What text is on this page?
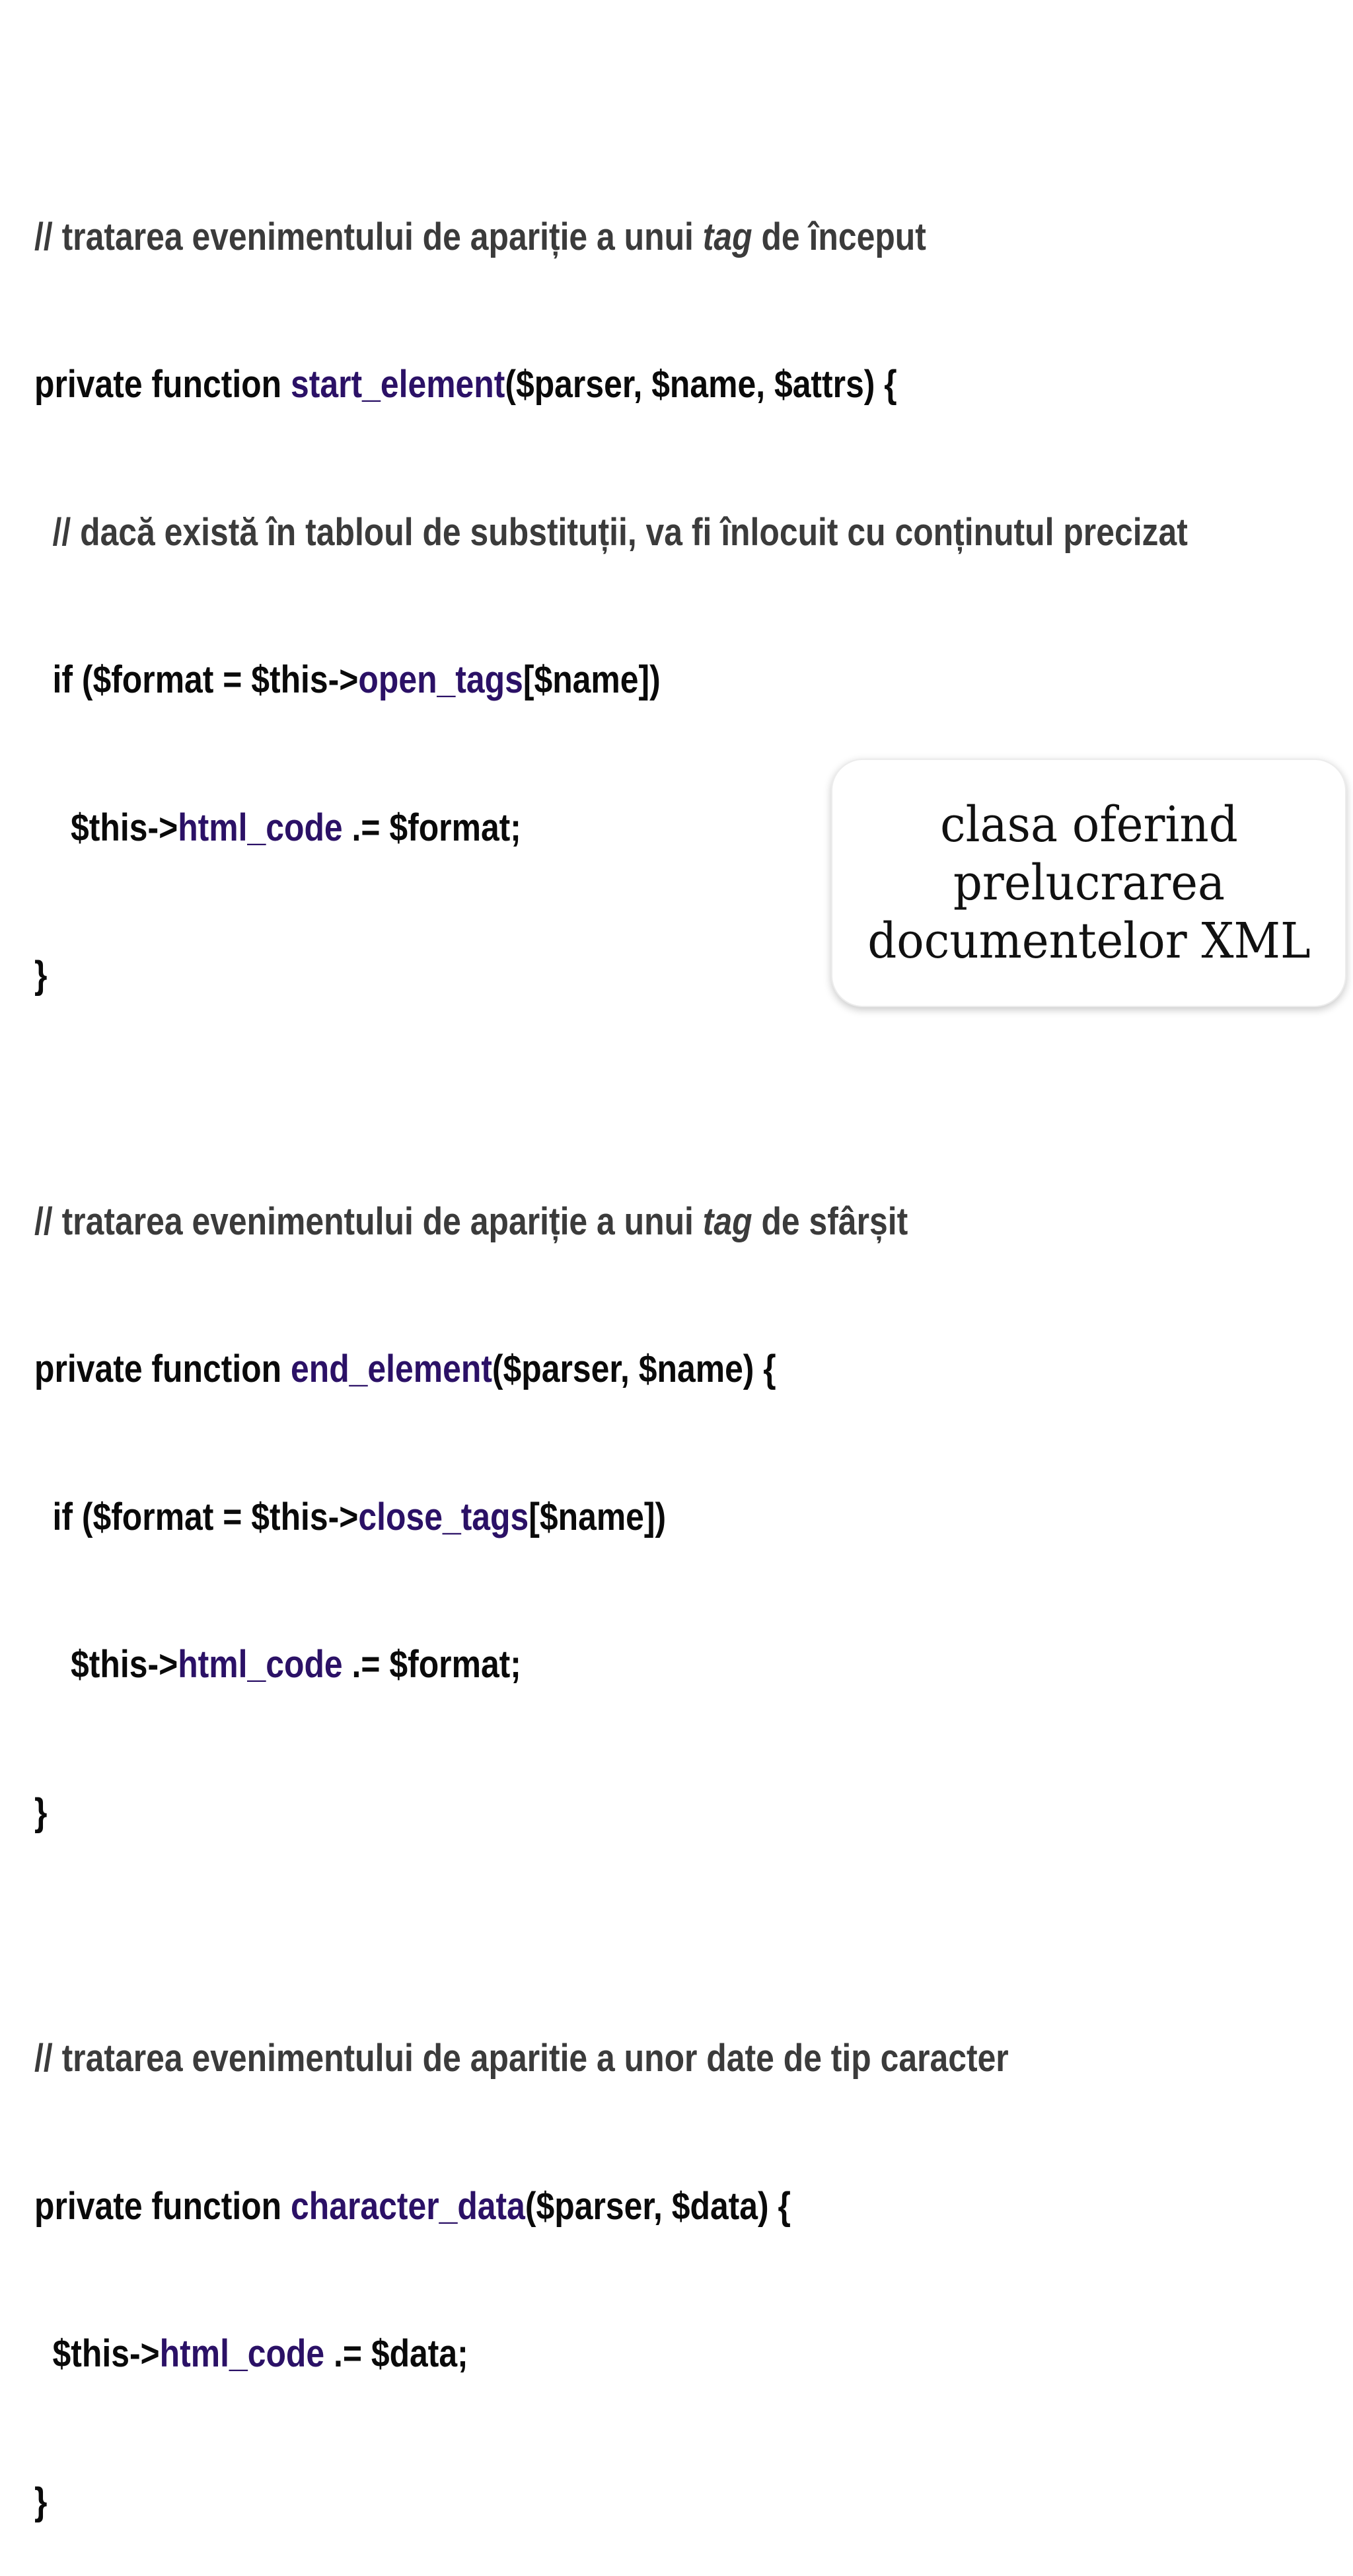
// tratarea evenimentului de apariție a unui tag de început

private function start_element($parser, $name, $attrs) {

// dacă există în tabloul de substituții, va fi înlocuit cu conținutul precizat

if ($format = $this->open_tags[$name])

$this->html_code .= $format;

}

// tratarea evenimentului de apariție a unui tag de sfârșit

private function end_element($parser, $name) {

if ($format = $this->close_tags[$name])

$this->html_code .= $format;

}

// tratarea evenimentului de aparitie a unor date de tip caracter

private function character_data($parser, $data) {

$this->html_code .= $data;

}

clasa oferind
prelucrarea
documentelor XML
